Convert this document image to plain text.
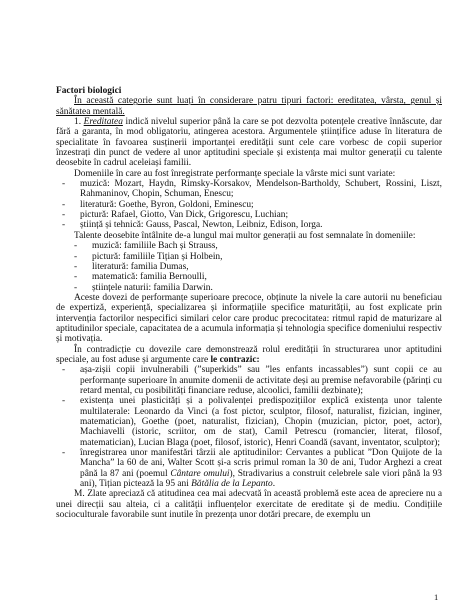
Factori biologici

În această categorie sunt luați în considerare patru tipuri factori: ereditatea, vârsta, genul și sănătatea mentală.

1. Ereditatea indică nivelul superior până la care se pot dezvolta potențele creative înnăscute, dar fără a garanta, în mod obligatoriu, atingerea acestora. Argumentele științifice aduse în literatura de specialitate în favoarea susținerii importanței eredității sunt cele care vorbesc de copii superior înzestrați din punct de vedere al unor aptitudini speciale și existența mai multor generații cu talente deosebite în cadrul aceleiași familii.

Domeniile în care au fost înregistrate performanțe speciale la vârste mici sunt variate:

- muzică: Mozart, Haydn, Rimsky-Korsakov, Mendelson-Bartholdy, Schubert, Rossini, Liszt, Rahmaninov, Chopin, Schuman, Enescu;
- literatură: Goethe, Byron, Goldoni, Eminescu;
- pictură: Rafael, Giotto, Van Dick, Grigorescu, Luchian;
- știință și tehnică: Gauss, Pascal, Newton, Leibniz, Edison, Iorga.

Talente deosebite întâlnite de-a lungul mai multor generații au fost semnalate în domeniile:

- muzică: familiile Bach și Strauss,
- pictură: familiile Tițian și Holbein,
- literatură: familia Dumas,
- matematică: familia Bernoulli,
- științele naturii: familia Darwin.

Aceste dovezi de performanțe superioare precoce, obținute la nivele la care autorii nu beneficiau de expertiză, experiență, specializarea și informațiile specifice maturității, au fost explicate prin intervenția factorilor nespecifici similari celor care produc precocitatea: ritmul rapid de maturizare al aptitudinilor speciale, capacitatea de a acumula informația și tehnologia specifice domeniului respectiv și motivația.

În contradicție cu dovezile care demonstrează rolul eredității în structurarea unor aptitudini speciale, au fost aduse și argumente care le contrazic:

- așa-zișii copii invulnerabili (”superkids” sau ”les enfants incassables”) sunt copii ce au performanțe superioare în anumite domenii de activitate deși au premise nefavorabile (părinți cu retard mental, cu posibilități financiare reduse, alcoolici, familii dezbinate);
- existența unei plasticități și a polivalenței predispozițiilor explică existența unor talente multilaterale: Leonardo da Vinci (a fost pictor, sculptor, filosof, naturalist, fizician, inginer, matematician), Goethe (poet, naturalist, fizician), Chopin (muzician, pictor, poet, actor), Machiavelli (istoric, scriitor, om de stat), Camil Petrescu (romancier, literat, filosof, matematician), Lucian Blaga (poet, filosof, istoric), Henri Coandă (savant, inventator, sculptor);
- înregistrarea unor manifestări târzii ale aptitudinilor: Cervantes a publicat ”Don Quijote de la Mancha” la 60 de ani, Walter Scott și-a scris primul roman la 30 de ani, Tudor Arghezi a creat până la 87 ani (poemul Cântare omului), Stradivarius a construit celebrele sale viori până la 93 ani), Tițian pictează la 95 ani Bătălia de la Lepanto.

M. Zlate apreciază că atitudinea cea mai adecvată în această problemă este acea de apreciere nu a unei direcții sau alteia, ci a calității influențelor exercitate de ereditate și de mediu. Condițiile socioculturale favorabile sunt inutile în prezența unor dotări precare, de exemplu un

1
